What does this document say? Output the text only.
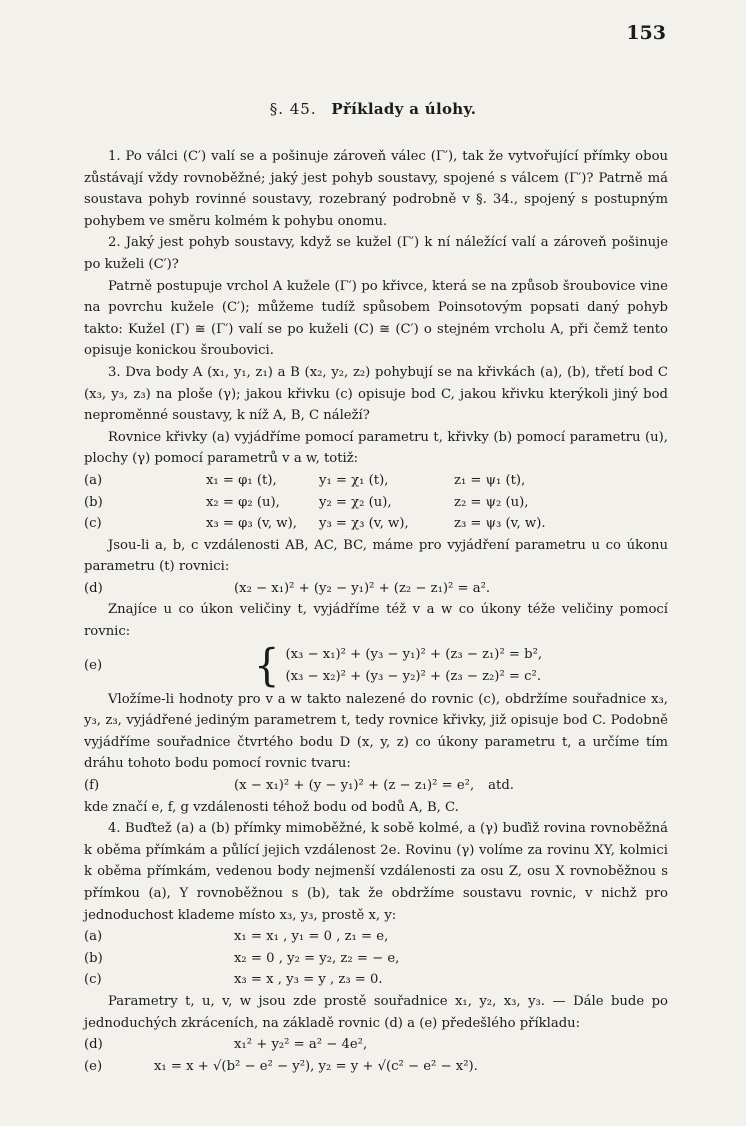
153
§. 45. Příklady a úlohy.

1. Po válci (C′) valí se a pošinuje zároveň válec (Γ′), tak že vytvořující přímky obou zůstávají vždy rovnoběžné; jaký jest pohyb soustavy, spojené s válcem (Γ′)? Patrně má soustava pohyb rovinné soustavy, rozebraný podrobně v §. 34., spojený s postupným pohybem ve směru kolmém k pohybu onomu.

2. Jaký jest pohyb soustavy, když se kužel (Γ′) k ní náležící valí a zároveň pošinuje po kuželi (C′)?

Patrně postupuje vrchol A kužele (Γ′) po křivce, která se na způsob šroubovice vine na povrchu kužele (C′); můžeme tudíž spůsobem Poinsotovým popsati daný pohyb takto: Kužel (Γ) ≅ (Γ′) valí se po kuželi (C) ≅ (C′) o stejném vrcholu A, při čemž tento opisuje konickou šroubovici.

3. Dva body A (x₁, y₁, z₁) a B (x₂, y₂, z₂) pohybují se na křivkách (a), (b), třetí bod C (x₃, y₃, z₃) na ploše (γ); jakou křivku (c) opisuje bod C, jakou křivku kterýkoli jiný bod neproměnné soustavy, k níž A, B, C náleží?

Rovnice křivky (a) vyjádříme pomocí parametru t, křivky (b) pomocí parametru (u), plochy (γ) pomocí parametrů v a w, totiž:

(a)	x₁ = φ₁ (t),	y₁ = χ₁ (t),	z₁ = ψ₁ (t),
(b)	x₂ = φ₂ (u),	y₂ = χ₂ (u),	z₂ = ψ₂ (u),
(c)	x₃ = φ₃ (v, w),	y₃ = χ₃ (v, w),	z₃ = ψ₃ (v, w).

Jsou-li a, b, c vzdálenosti AB, AC, BC, máme pro vyjádření parametru u co úkonu parametru (t) rovnici:

(d)	(x₂ − x₁)² + (y₂ − y₁)² + (z₂ − z₁)² = a².

Znajíce u co úkon veličiny t, vyjádříme též v a w co úkony téže veličiny pomocí rovnic:

(e)	{ (x₃ − x₁)² + (y₃ − y₁)² + (z₃ − z₁)² = b²,
(x₃ − x₂)² + (y₃ − y₂)² + (z₃ − z₂)² = c².

Vložíme-li hodnoty pro v a w takto nalezené do rovnic (c), obdržíme souřadnice x₃, y₃, z₃, vyjádřené jediným parametrem t, tedy rovnice křivky, již opisuje bod C. Podobně vyjádříme souřadnice čtvrtého bodu D (x, y, z) co úkony parametru t, a určíme tím dráhu tohoto bodu pomocí rovnic tvaru:

(f)	(x − x₁)² + (y − y₁)² + (z − z₁)² = e², atd.

kde značí e, f, g vzdálenosti téhož bodu od bodů A, B, C.

4. Buďtež (a) a (b) přímky mimoběžné, k sobě kolmé, a (γ) buďiž rovina rovnoběžná k oběma přímkám a půlící jejich vzdálenost 2e. Rovinu (γ) volíme za rovinu XY, kolmici k oběma přímkám, vedenou body nejmenší vzdálenosti za osu Z, osu X rovnoběžnou s přímkou (a), Y rovnoběžnou s (b), tak že obdržíme soustavu rovnic, v nichž pro jednoduchost klademe místo x₃, y₃, prostě x, y:

(a)	x₁ = x₁ , y₁ = 0 , z₁ = e,
(b)	x₂ = 0 , y₂ = y₂, z₂ = − e,
(c)	x₃ = x , y₃ = y , z₃ = 0.

Parametry t, u, v, w jsou zde prostě souřadnice x₁, y₂, x₃, y₃. — Dále bude po jednoduchých zkráceních, na základě rovnic (d) a (e) předešlého příkladu:

(d)	x₁² + y₂² = a² − 4e²,
(e)	x₁ = x + √(b² − e² − y²), y₂ = y + √(c² − e² − x²).
